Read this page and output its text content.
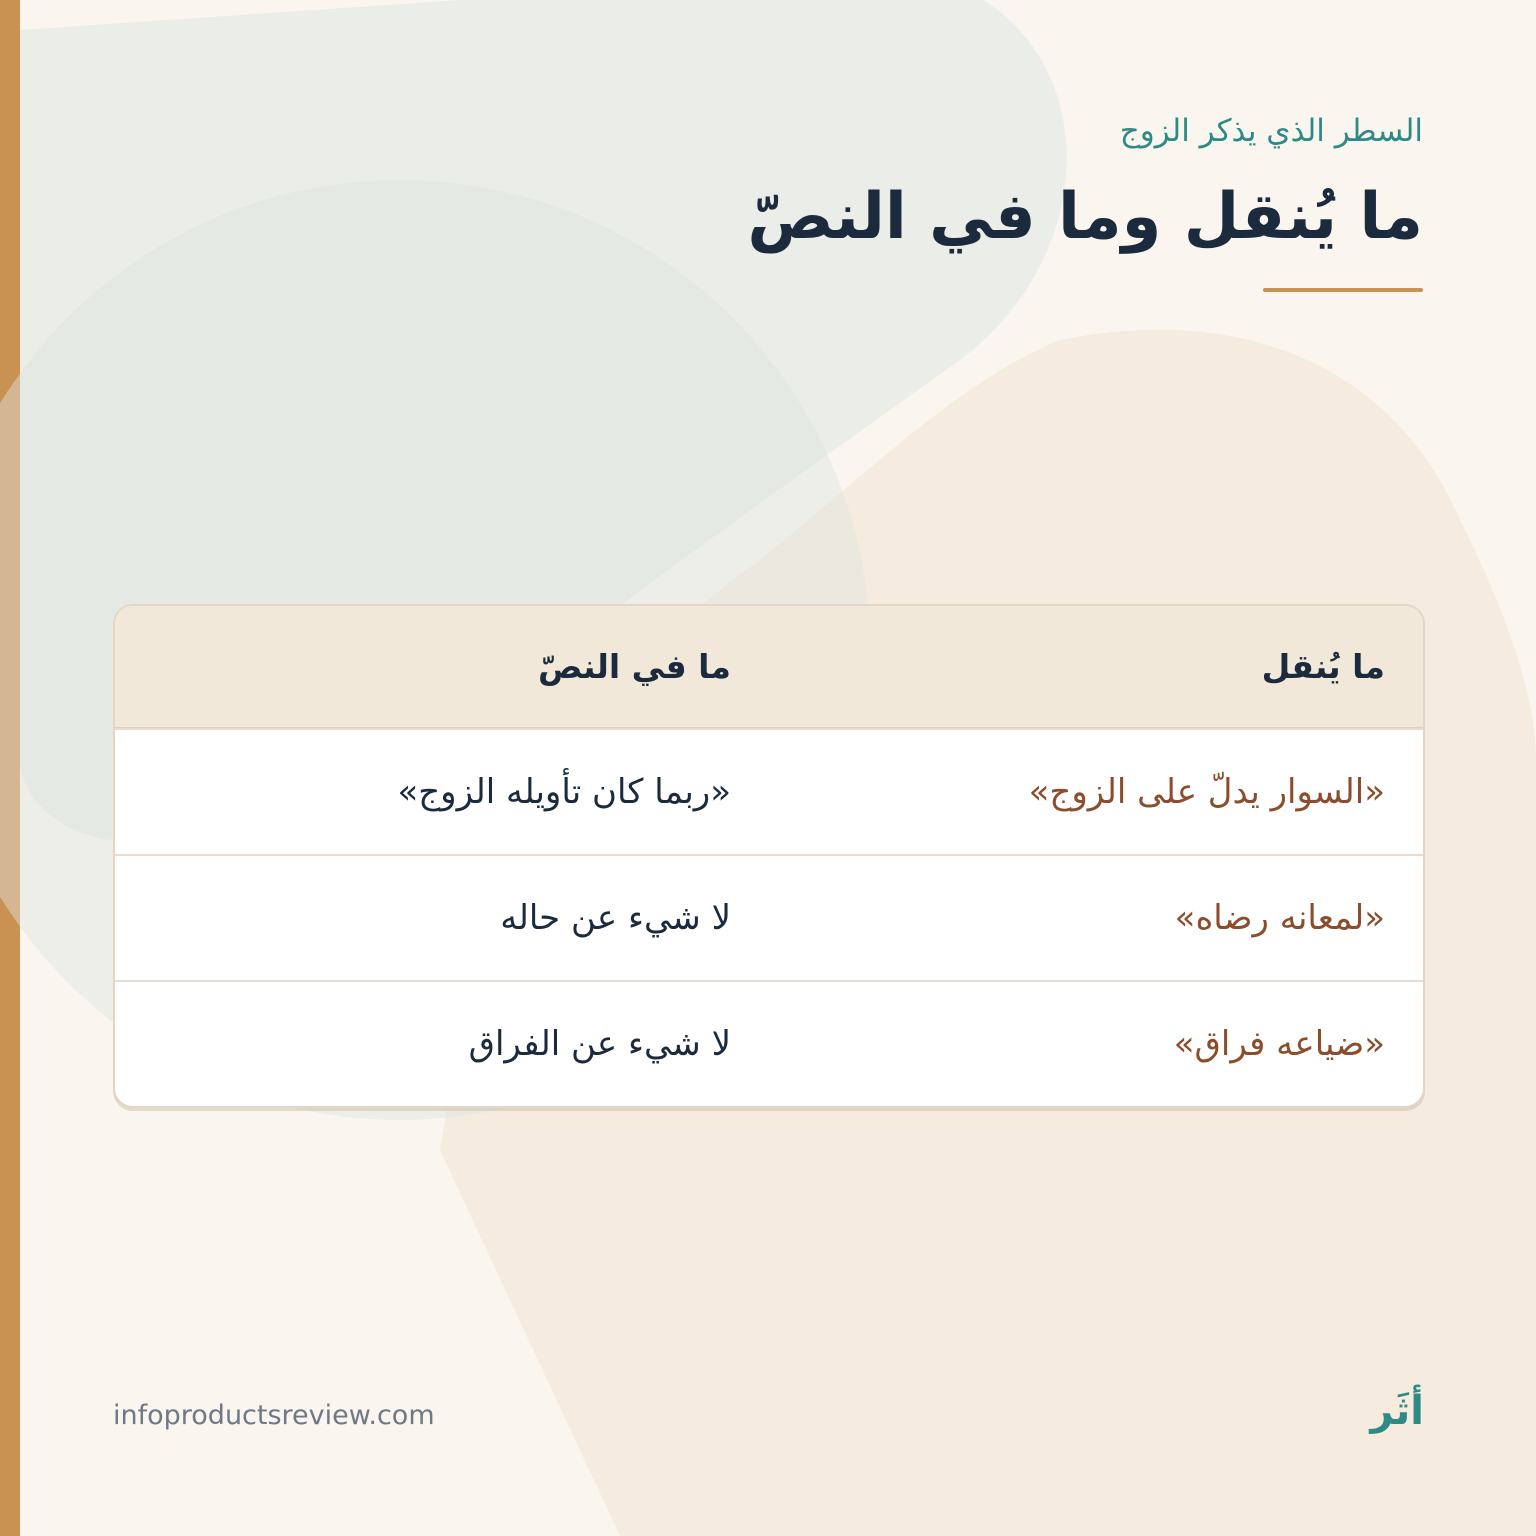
السطر الذي يذكر الزوج

ما يُنقل وما في النصّ
ما يُنقل
ما في النصّ
«السوار يدلّ على الزوج»
«ربما كان تأويله الزوج»
«لمعانه رضاه»
لا شيء عن حاله
«ضياعه فراق»
لا شيء عن الفراق
infoproductsreview.com	أثَر
